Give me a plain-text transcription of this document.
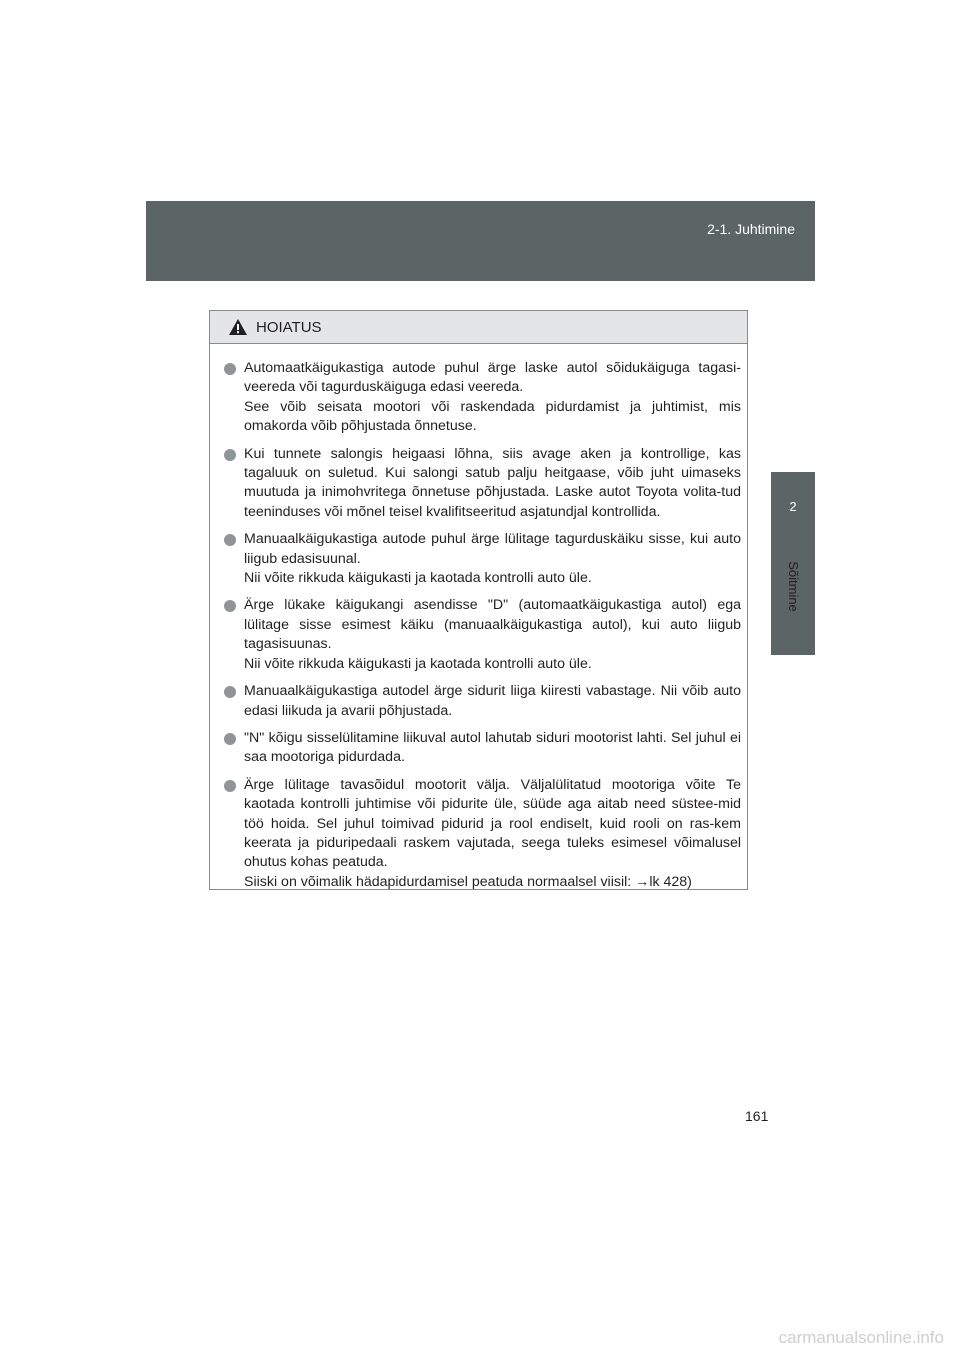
2-1. Juhtimine
2
Sõitmine
HOIATUS
Automaatkäigukastiga autode puhul ärge laske autol sõidukäiguga tagasi-veereda või tagurduskäiguga edasi veereda.
See võib seisata mootori või raskendada pidurdamist ja juhtimist, mis omakorda võib põhjustada õnnetuse.
Kui tunnete salongis heigaasi lõhna, siis avage aken ja kontrollige, kas tagaluuk on suletud. Kui salongi satub palju heitgaase, võib juht uimaseks muutuda ja inimohvritega õnnetuse põhjustada. Laske autot Toyota volita-tud teeninduses või mõnel teisel kvalifitseeritud asjatundjal kontrollida.
Manuaalkäigukastiga autode puhul ärge lülitage tagurduskäiku sisse, kui auto liigub edasisuunal.
Nii võite rikkuda käigukasti ja kaotada kontrolli auto üle.
Ärge lükake käigukangi asendisse "D" (automaatkäigukastiga autol) ega lülitage sisse esimest käiku (manuaalkäigukastiga autol), kui auto liigub tagasisuunas.
Nii võite rikkuda käigukasti ja kaotada kontrolli auto üle.
Manuaalkäigukastiga autodel ärge sidurit liiga kiiresti vabastage. Nii võib auto edasi liikuda ja avarii põhjustada.
"N" kõigu sisselülitamine liikuval autol lahutab siduri mootorist lahti. Sel juhul ei saa mootoriga pidurdada.
Ärge lülitage tavasõidul mootorit välja. Väljalülitatud mootoriga võite Te kaotada kontrolli juhtimise või pidurite üle, süüde aga aitab need süstee-mid töö hoida. Sel juhul toimivad pidurid ja rool endiselt, kuid rooli on ras-kem keerata ja piduripedaali raskem vajutada, seega tuleks esimesel võimalusel ohutus kohas peatuda.
Siiski on võimalik hädapidurdamisel peatuda normaalsel viisil: →lk 428)
161
carmanualsonline.info
